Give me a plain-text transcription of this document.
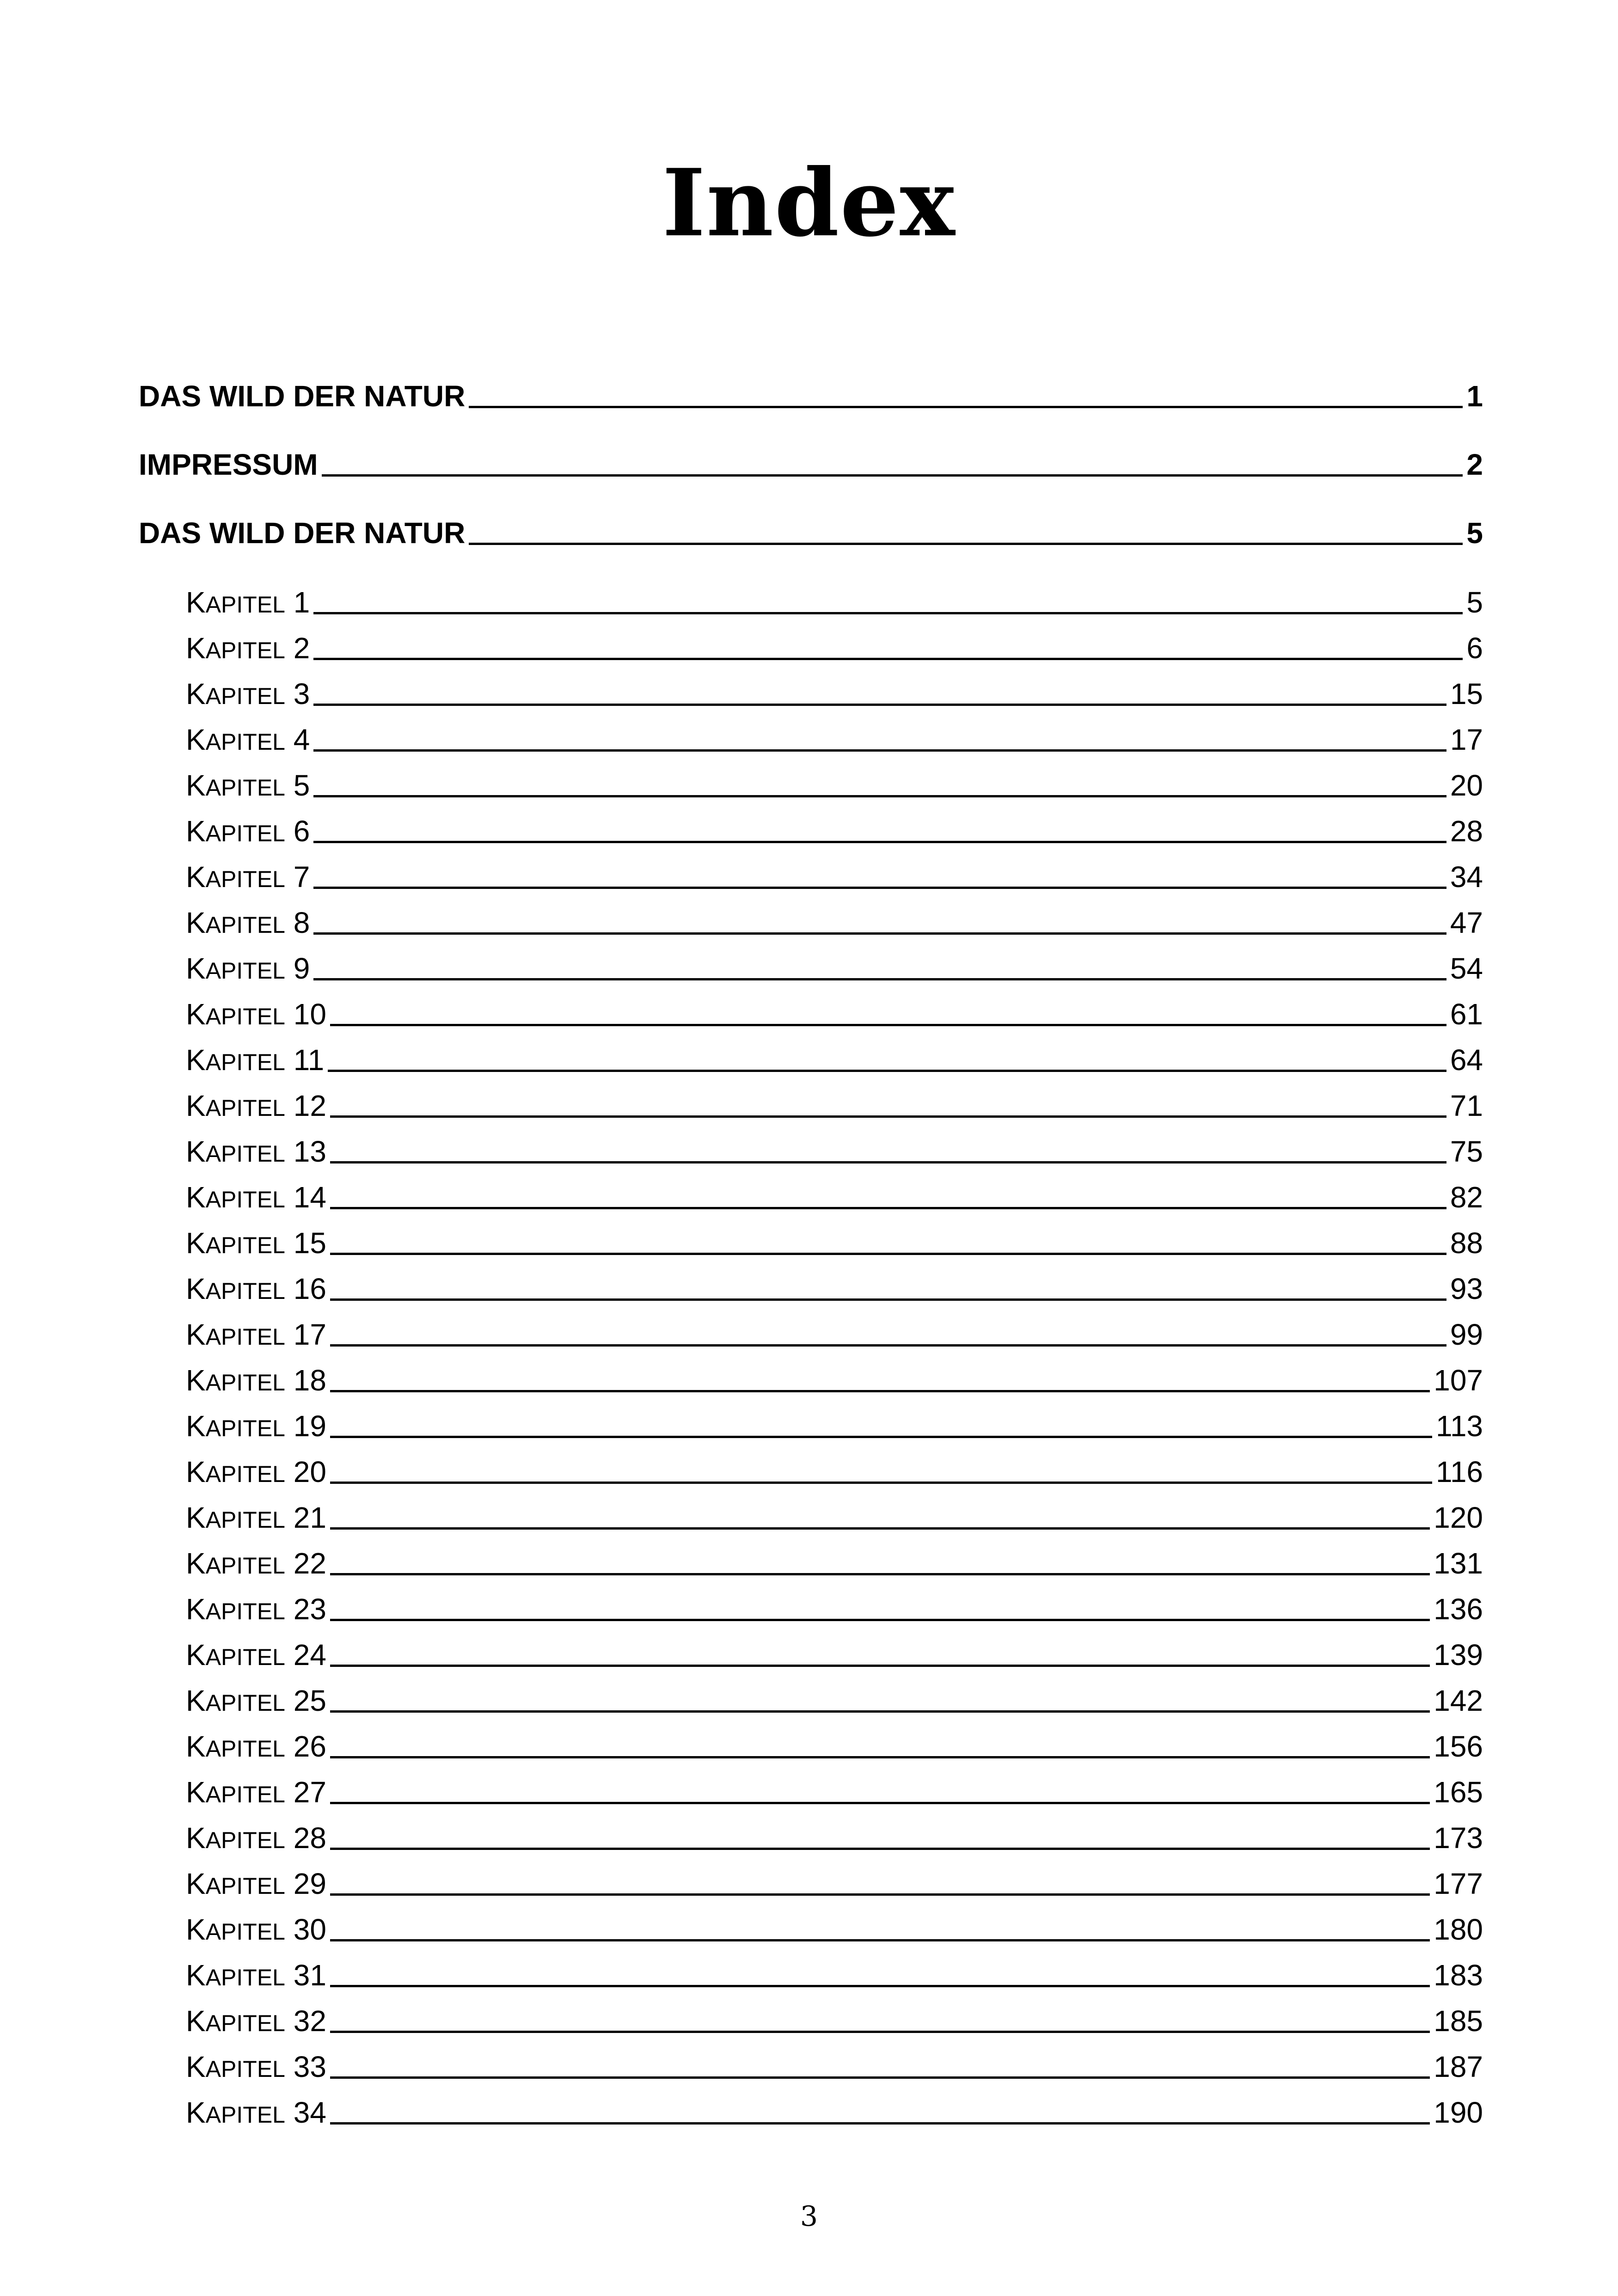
Index
DAS WILD DER NATUR	1
IMPRESSUM	2
DAS WILD DER NATUR	5
KAPITEL 1	5
KAPITEL 2	6
KAPITEL 3	15
KAPITEL 4	17
KAPITEL 5	20
KAPITEL 6	28
KAPITEL 7	34
KAPITEL 8	47
KAPITEL 9	54
KAPITEL 10	61
KAPITEL 11	64
KAPITEL 12	71
KAPITEL 13	75
KAPITEL 14	82
KAPITEL 15	88
KAPITEL 16	93
KAPITEL 17	99
KAPITEL 18	107
KAPITEL 19	113
KAPITEL 20	116
KAPITEL 21	120
KAPITEL 22	131
KAPITEL 23	136
KAPITEL 24	139
KAPITEL 25	142
KAPITEL 26	156
KAPITEL 27	165
KAPITEL 28	173
KAPITEL 29	177
KAPITEL 30	180
KAPITEL 31	183
KAPITEL 32	185
KAPITEL 33	187
KAPITEL 34	190
3
